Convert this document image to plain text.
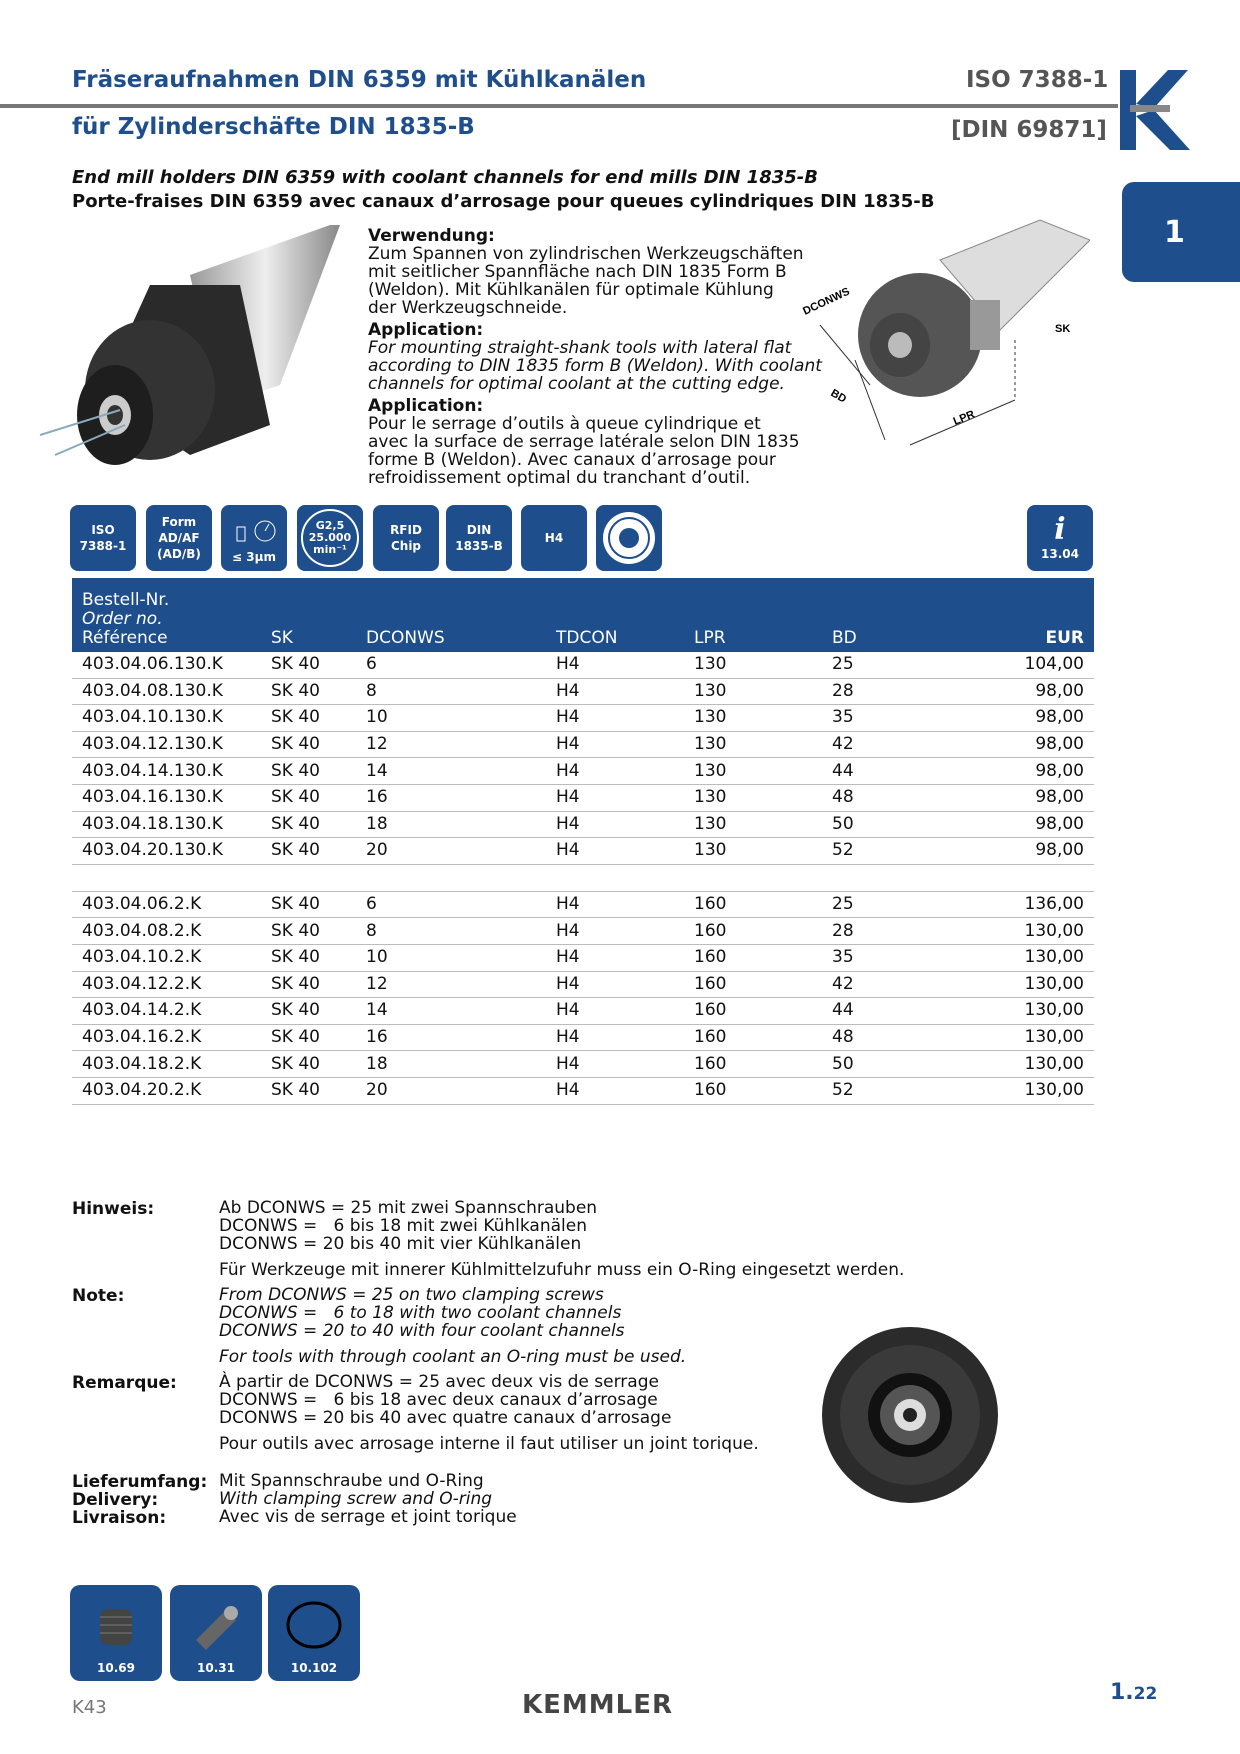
Fräseraufnahmen DIN 6359 mit Kühlkanälen	ISO 7388-1
für Zylinderschäfte DIN 1835-B	[DIN 69871]
1
End mill holders DIN 6359 with coolant channels for end mills DIN 1835-B
Porte-fraises DIN 6359 avec canaux d’arrosage pour queues cylindriques DIN 1835-B
Verwendung:
Zum Spannen von zylindrischen Werkzeugschäften
mit seitlicher Spannfläche nach DIN 1835 Form B
(Weldon). Mit Kühlkanälen für optimale Kühlung
der Werkzeugschneide.
Application:
For mounting straight-shank tools with lateral flat
according to DIN 1835 form B (Weldon). With coolant
channels for optimal coolant at the cutting edge.
Application:
Pour le serrage d’outils à queue cylindrique et
avec la surface de serrage latérale selon DIN 1835
forme B (Weldon). Avec canaux d’arrosage pour
refroidissement optimal du tranchant d’outil.
DCONWS
BD
LPR
SK
ISO
7388-1
Form
AD/AF
(AD/B)	≤ 3µm
G2,5
25.000
min⁻¹
RFID
Chip
DIN
1835-B
H4	i
13.04
Bestell-Nr.
Order no.
Référence	SK	DCONWS	TDCON	LPR	BD	EUR
403.04.06.130.K	SK 40	6	H4	130	25	104,00
403.04.08.130.K	SK 40	8	H4	130	28	98,00
403.04.10.130.K	SK 40	10	H4	130	35	98,00
403.04.12.130.K	SK 40	12	H4	130	42	98,00
403.04.14.130.K	SK 40	14	H4	130	44	98,00
403.04.16.130.K	SK 40	16	H4	130	48	98,00
403.04.18.130.K	SK 40	18	H4	130	50	98,00
403.04.20.130.K	SK 40	20	H4	130	52	98,00

403.04.06.2.K	SK 40	6	H4	160	25	136,00
403.04.08.2.K	SK 40	8	H4	160	28	130,00
403.04.10.2.K	SK 40	10	H4	160	35	130,00
403.04.12.2.K	SK 40	12	H4	160	42	130,00
403.04.14.2.K	SK 40	14	H4	160	44	130,00
403.04.16.2.K	SK 40	16	H4	160	48	130,00
403.04.18.2.K	SK 40	18	H4	160	50	130,00
403.04.20.2.K	SK 40	20	H4	160	52	130,00
Hinweis:	Ab DCONWS = 25 mit zwei Spannschrauben
DCONWS =   6 bis 18 mit zwei Kühlkanälen
DCONWS = 20 bis 40 mit vier Kühlkanälen
Für Werkzeuge mit innerer Kühlmittelzufuhr muss ein O-Ring eingesetzt werden.
Note:	From DCONWS = 25 on two clamping screws
DCONWS =   6 to 18 with two coolant channels
DCONWS = 20 to 40 with four coolant channels
For tools with through coolant an O-ring must be used.
Remarque: À partir de DCONWS = 25 avec deux vis de serrage
DCONWS =   6 bis 18 avec deux canaux d’arrosage
DCONWS = 20 bis 40 avec quatre canaux d’arrosage
Pour outils avec arrosage interne il faut utiliser un joint torique.
Lieferumfang:
Delivery:
Livraison:
Mit Spannschraube und O-Ring
With clamping screw and O-ring
Avec vis de serrage et joint torique
10.69	10.31	10.102
K43	KEMMLER	1.22
